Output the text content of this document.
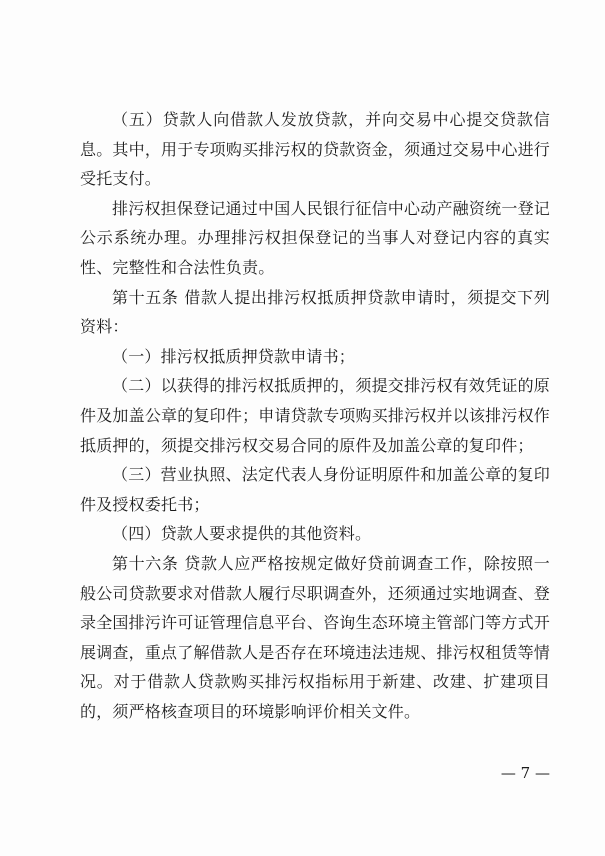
（五）贷款人向借款人发放贷款，并向交易中心提交贷款信息。其中，用于专项购买排污权的贷款资金，须通过交易中心进行受托支付。

排污权担保登记通过中国人民银行征信中心动产融资统一登记公示系统办理。办理排污权担保登记的当事人对登记内容的真实性、完整性和合法性负责。

第十五条 借款人提出排污权抵质押贷款申请时，须提交下列资料：

（一）排污权抵质押贷款申请书；

（二）以获得的排污权抵质押的，须提交排污权有效凭证的原件及加盖公章的复印件；申请贷款专项购买排污权并以该排污权作抵质押的，须提交排污权交易合同的原件及加盖公章的复印件；

（三）营业执照、法定代表人身份证明原件和加盖公章的复印件及授权委托书；

（四）贷款人要求提供的其他资料。

第十六条 贷款人应严格按规定做好贷前调查工作，除按照一般公司贷款要求对借款人履行尽职调查外，还须通过实地调查、登录全国排污许可证管理信息平台、咨询生态环境主管部门等方式开展调查，重点了解借款人是否存在环境违法违规、排污权租赁等情况。对于借款人贷款购买排污权指标用于新建、改建、扩建项目的，须严格核查项目的环境影响评价相关文件。

— 7 —
